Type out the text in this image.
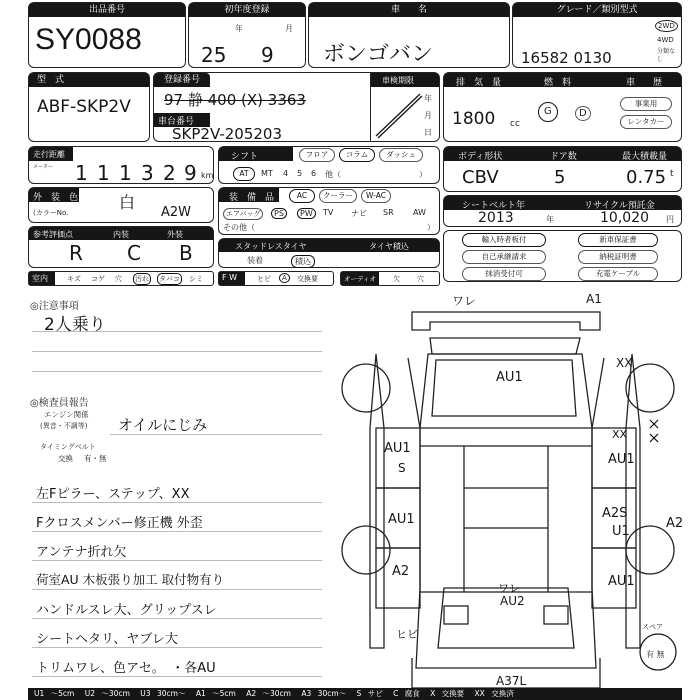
出品番号
SY0088
初年度登録
年	月
25 9
車　　名
ボンゴバン
グレード／類別型式
16582 0130
2WD
4WD
分類なし
型　式
ABF-SKP2V
登録番号
97 静 400 (X) 3363
車台番号
SKP2V-205203
車検期限
年
月
日
排　気　量	燃　料	車　　歴
1800 cc
G	D
事業用
レンタカー
走行距離
メーター 1 1 1 3 2 9 km
シフト	フロア	コラム	ダッシュ
AT	MT 4 5 6 他（	）
ボディ形状	ドア数	最大積載量
CBV	5	0.75 t
外　装　色
(カラーNo.
白
A2W
装　備　品	AC	クーラー	W-AC
エアバッグ	PS	PW	TV ナビ SR AW
その他（	）
シートベルト年	リサイクル預託金
2013	年	10,020 円
参考評価点	内装	外装
R C B	スタッドレスタイヤ	タイヤ積込
装着	積込
輸入時者板付	新車保証書
自己承継請求	納税証明書
抹消受付可	充電ケーブル
室内	キズ コゲ 穴 汚れ タバコ シミ F W	ヒビ	A	交換要	オーディオ 欠 穴
◎注意事項
2人乗り
◎検査員報告
エンジン関係
(異音・不調等) オイルにじみ
タイミングベルト
交換 有・無
左Fピラー、ステップ、XX
Fクロスメンバー修正機 外歪
アンテナ折れ欠
荷室AU 木板張り加工 取付物有り
ハンドルスレ大、グリップスレ
シートヘタリ、ヤブレ大
トリムワレ、色アセ。　・各AU
ワレ	A1
AU1
AU1
S
AU1
A2
XX
XX
AU1
A2S
U1
A2
AU1
ワレ
AU2
ヒビ
A37L
スペア
有 無
U1 ～5cm U2 ～30cm U3 30cm～ A1 ～5cm A2 ～30cm A3 30cm～ S サビ C 腐食 X 交換要 XX 交換済
